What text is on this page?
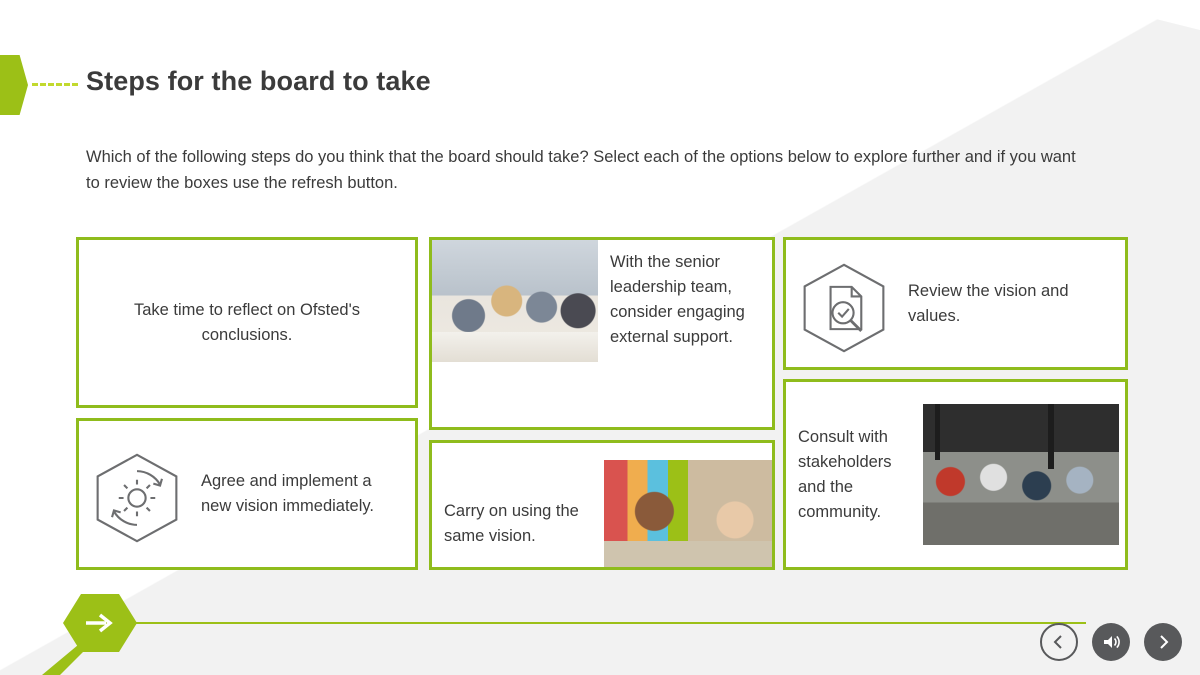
Steps for the board to take
Which of the following steps do you think that the board should take? Select each of the options below to explore further and if you want to review the boxes use the refresh button.
Take time to reflect on Ofsted's conclusions.
With the senior leadership team, consider engaging external support.
Review the vision and values.
Agree and implement a new vision immediately.	Carry on using the same vision.
Consult with stakeholders and the community.
